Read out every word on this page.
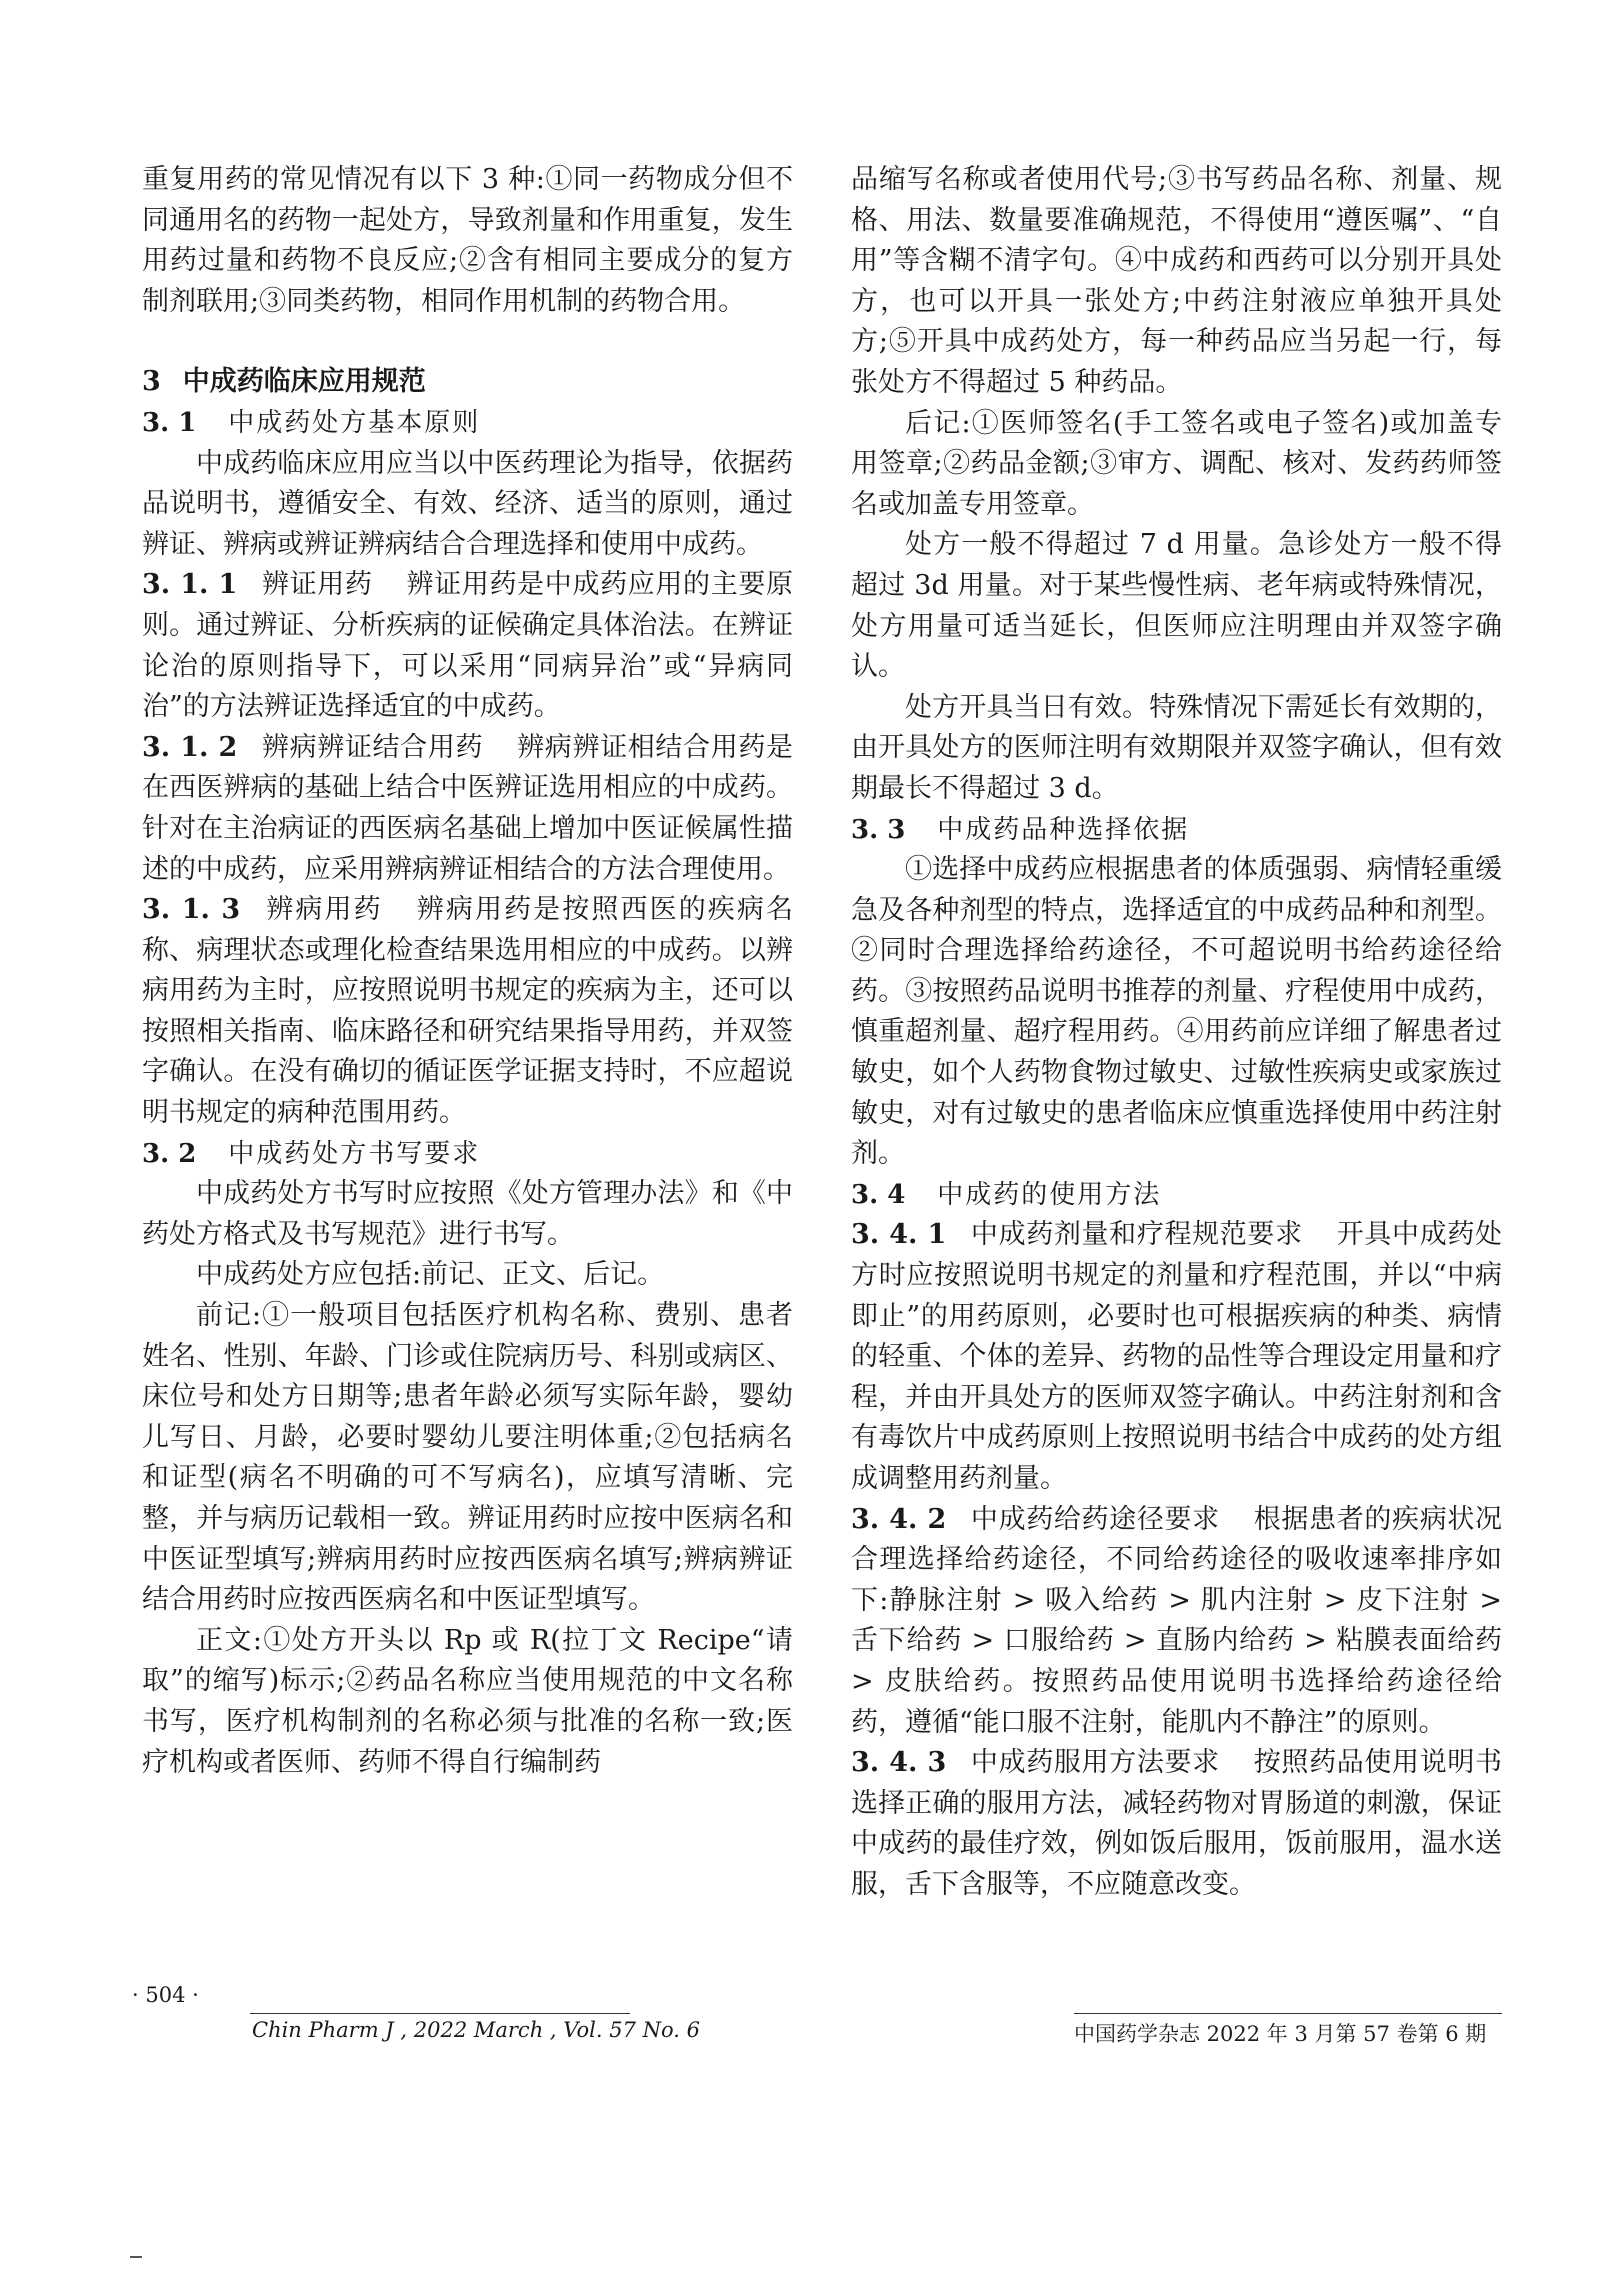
重复用药的常见情况有以下 3 种:①同一药物成分但不同通用名的药物一起处方，导致剂量和作用重复，发生用药过量和药物不良反应;②含有相同主要成分的复方制剂联用;③同类药物，相同作用机制的药物合用。

3 中成药临床应用规范
3. 1 中成药处方基本原则

中成药临床应用应当以中医药理论为指导，依据药品说明书，遵循安全、有效、经济、适当的原则，通过辨证、辨病或辨证辨病结合合理选择和使用中成药。

3. 1. 1 辨证用药 辨证用药是中成药应用的主要原则。通过辨证、分析疾病的证候确定具体治法。在辨证论治的原则指导下，可以采用“同病异治”或“异病同治”的方法辨证选择适宜的中成药。

3. 1. 2 辨病辨证结合用药 辨病辨证相结合用药是在西医辨病的基础上结合中医辨证选用相应的中成药。针对在主治病证的西医病名基础上增加中医证候属性描述的中成药，应采用辨病辨证相结合的方法合理使用。

3. 1. 3 辨病用药 辨病用药是按照西医的疾病名称、病理状态或理化检查结果选用相应的中成药。以辨病用药为主时，应按照说明书规定的疾病为主，还可以按照相关指南、临床路径和研究结果指导用药，并双签字确认。在没有确切的循证医学证据支持时，不应超说明书规定的病种范围用药。

3. 2 中成药处方书写要求

中成药处方书写时应按照《处方管理办法》和《中药处方格式及书写规范》进行书写。

中成药处方应包括:前记、正文、后记。

前记:①一般项目包括医疗机构名称、费别、患者姓名、性别、年龄、门诊或住院病历号、科别或病区、床位号和处方日期等;患者年龄必须写实际年龄，婴幼儿写日、月龄，必要时婴幼儿要注明体重;②包括病名和证型(病名不明确的可不写病名)，应填写清晰、完整，并与病历记载相一致。辨证用药时应按中医病名和中医证型填写;辨病用药时应按西医病名填写;辨病辨证结合用药时应按西医病名和中医证型填写。

正文:①处方开头以 Rp 或 R(拉丁文 Recipe“请取”的缩写)标示;②药品名称应当使用规范的中文名称书写，医疗机构制剂的名称必须与批准的名称一致;医疗机构或者医师、药师不得自行编制药

品缩写名称或者使用代号;③书写药品名称、剂量、规格、用法、数量要准确规范，不得使用“遵医嘱”、“自用”等含糊不清字句。④中成药和西药可以分别开具处方，也可以开具一张处方;中药注射液应单独开具处方;⑤开具中成药处方，每一种药品应当另起一行，每张处方不得超过 5 种药品。

后记:①医师签名(手工签名或电子签名)或加盖专用签章;②药品金额;③审方、调配、核对、发药药师签名或加盖专用签章。

处方一般不得超过 7 d 用量。急诊处方一般不得超过 3d 用量。对于某些慢性病、老年病或特殊情况，处方用量可适当延长，但医师应注明理由并双签字确认。

处方开具当日有效。特殊情况下需延长有效期的，由开具处方的医师注明有效期限并双签字确认，但有效期最长不得超过 3 d。

3. 3 中成药品种选择依据

①选择中成药应根据患者的体质强弱、病情轻重缓急及各种剂型的特点，选择适宜的中成药品种和剂型。②同时合理选择给药途径，不可超说明书给药途径给药。③按照药品说明书推荐的剂量、疗程使用中成药，慎重超剂量、超疗程用药。④用药前应详细了解患者过敏史，如个人药物食物过敏史、过敏性疾病史或家族过敏史，对有过敏史的患者临床应慎重选择使用中药注射剂。

3. 4 中成药的使用方法

3. 4. 1 中成药剂量和疗程规范要求 开具中成药处方时应按照说明书规定的剂量和疗程范围，并以“中病即止”的用药原则，必要时也可根据疾病的种类、病情的轻重、个体的差异、药物的品性等合理设定用量和疗程，并由开具处方的医师双签字确认。中药注射剂和含有毒饮片中成药原则上按照说明书结合中成药的处方组成调整用药剂量。

3. 4. 2 中成药给药途径要求 根据患者的疾病状况合理选择给药途径，不同给药途径的吸收速率排序如下:静脉注射 > 吸入给药 > 肌内注射 > 皮下注射 > 舌下给药 > 口服给药 > 直肠内给药 > 粘膜表面给药 > 皮肤给药。按照药品使用说明书选择给药途径给药，遵循“能口服不注射，能肌内不静注”的原则。

3. 4. 3 中成药服用方法要求 按照药品使用说明书选择正确的服用方法，减轻药物对胃肠道的刺激，保证中成药的最佳疗效，例如饭后服用，饭前服用，温水送服，舌下含服等，不应随意改变。

· 504 ·
Chin Pharm J , 2022 March , Vol. 57 No. 6	中国药学杂志 2022 年 3 月第 57 卷第 6 期
